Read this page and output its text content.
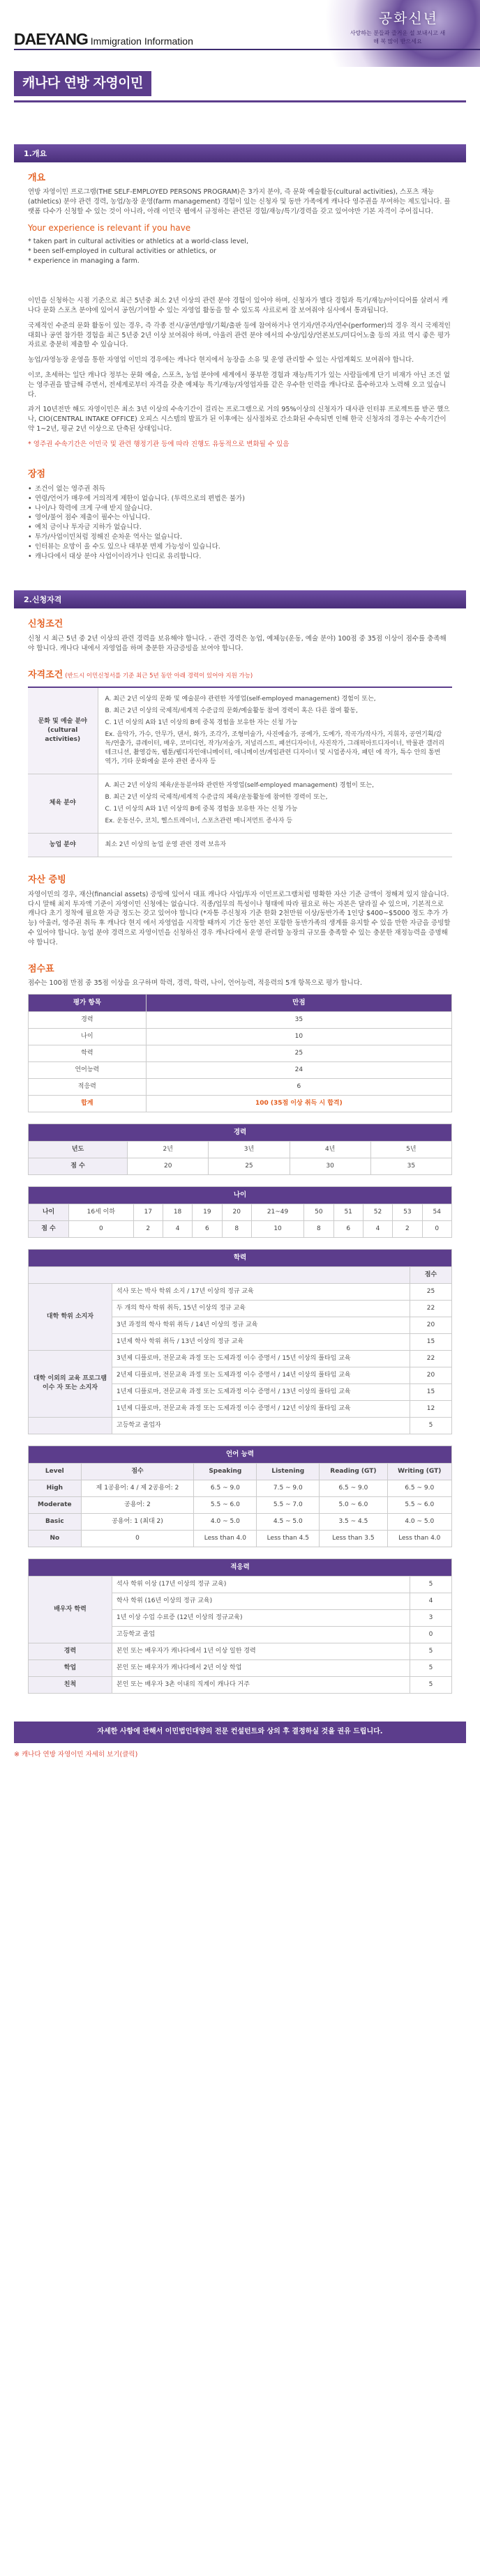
DAEYANG Immigration Information
공화신년
사랑하는 분들과 즐거운 설 보내시고 새해 복 많이 받으세요
캐나다 연방 자영이민
1.개요
개요
연방 자영이민 프로그램(THE SELF-EMPLOYED PERSONS PROGRAM)은 3가지 분야, 즉 문화 예술활동(cultural activities), 스포츠 재능(athletics) 분야 관련 경력, 농업/농장 운영(farm management) 경험이 있는 신청자 및 동반 가족에게 캐나다 영주권을 부여하는 제도입니다. 플랫폼 다수가 신청할 수 있는 것이 아니라, 아래 이민국 웹에서 규정하는 관련된 경험/재능/특기/경력을 갖고 있어야만 기본 자격이 주어집니다.
Your experience is relevant if you have
* taken part in cultural activities or athletics at a world-class level,
* been self-employed in cultural activities or athletics, or
* experience in managing a farm.
이민을 신청하는 시점 기준으로 최근 5년중 최소 2년 이상의 관련 분야 경험이 있어야 하며, 신청자가 별다 경험과 특기/재능/아이디어를 살려서 캐나다 문화 스포츠 분야에 있어서 공헌/기여할 수 있는 자영업 활동을 할 수 있도록 사료로써 잘 보여줘야 심사에서 통과됩니다.
국제적인 수준의 문화 활동이 있는 경우, 즉 각종 전시/공연/방영/기획/출판 등에 참여하거나 연기자/연주자/연수(performer)의 경우 적시 국제적인 대회나 공연 참가한 경험을 최근 5년중 2년 이상 보여줘야 하며, 아울러 관련 분야 에서의 수상/입상/언론보도/미디어노출 등의 자료 역시 좋은 평가 자료로 충분히 제출할 수 있습니다.
농업/자영농장 운영을 통한 자영업 이민의 경우에는 캐나다 현지에서 농장을 소유 및 운영 관리할 수 있는 사업계획도 보여줘야 합니다.
이코, 초세하는 일단 캐나다 정부는 문화 예술, 스포츠, 농업 분야에 세계에서 풍부한 경험과 재능/특기가 있는 사람들에게 단기 비재가 아닌 조건 없는 영주권을 발급해 주면서, 전세계로부터 자격을 갖춘 예체능 특기/재능/자영업자를 같은 우수한 인력을 캐나다로 흡수하고자 노력해 오고 있습니다.
과거 10년전만 해도 자영이민은 최소 3년 이상의 수속기간이 걸리는 프로그램으로 거의 95%이상의 신청자가 대사관 인터뷰 프로젝트를 받곤 했으나, CIO(CENTRAL INTAKE OFFICE) 오피스 시스템의 발표가 된 이후에는 심사절차로 간소화된 수속되면 인해 한국 신청자의 경우는 수속기간이 약 1~2년, 평균 2년 이상으로 단축된 상태입니다.
* 영주권 수속기간은 이민국 및 관련 행정기관 등에 따라 진행도 유동적으로 변화될 수 있음
장점
• 조건이 없는 영주권 취득
• 연령/언어가 매우에 거의적게 제한이 없습니다. (투력으로의 편법은 불가)
• 나이/나 학력에 크게 구애 받지 않습니다.
• 영어/불어 점수 제출이 필수는 아닙니다.
• 예치 금이나 투자금 지하가 없습니다.
• 투가/사업이민처럼 정해진 순차운 역사는 없습니다.
• 인터뷰는 요망이 올 수도 있으나 대부분 면제 가능성이 있습니다.
• 캐나다에서 대상 분야 사업이이라거나 인디로 유리합니다.
2.신청자격
신청조건
신청 시 최근 5년 중 2년 이상의 관련 경력을 보유해야 합니다. - 관련 경력은 농업, 예체능(운동, 예술 분야) 100점 중 35점 이상이 점수를 충족해야 합니다. 캐나다 내에서 자영업을 하며 충분한 자금증빙을 보여야 합니다.
자격조건 (반드시 이민신청서를 기준 최근 5년 동안 아래 경력이 있어야 지원 가능)
문화 및 예술 분야 (cultural activities)	A. 최근 2년 이상의 문화 및 예술분야 관련한 자영업(self-employed management) 경험이 또는,
B. 최근 2년 이상의 국제적/세계적 수준급의 문화/예술활동 참여 경력이 혹은 다른 참여 활동,
C. 1년 이상의 A와 1년 이상의 B에 중복 경험을 보유한 자는 신청 가능
Ex. 음악가, 가수, 안무가, 댄서, 화가, 조각가, 조형미술가, 사진예술가, 공예가, 도예가, 작곡가/작사가, 지휘자, 공연기획/감독/연출가, 큐레이터, 배우, 코미디언, 작가/저술가, 저널리스트, 패션디자이너, 사진작가, 그래픽아트디자이너, 박물관 갤러리 테크니션, 촬영감독, 웹툰/웹디자인애니메이터, 애니메이션/게임관련 디자이너 및 시업종사자, 패턴 에 작가, 특수 안의 통번역가, 기타 문화예술 분야 관련 종사자 등

체육 분야	A. 최근 2년 이상의 체육/운동분야와 관련한 자영업(self-employed management) 경험이 또는,
B. 최근 2년 이상의 국제적/세계적 수준급의 체육/운동활동에 참여한 경력이 또는,
C. 1년 이상의 A와 1년 이상의 B에 중복 경험을 보유한 자는 신청 가능
Ex. 운동선수, 코치, 헬스트레이너, 스포츠관련 매니저먼트 종사자 등

농업 분야	최소 2년 이상의 농업 운영 관련 경력 보유자
자산 증빙
자영이민의 경우, 재산(financial assets) 증빙에 있어서 대표 캐나다 사업/투자 이민프로그램처럼 명확한 자산 기준 금액이 정해져 있지 않습니다. 다시 말해 최저 투자액 기준이 자영이민 신청에는 없습니다. 직종/업무의 특성이나 형태에 따라 필요로 하는 자본은 달라질 수 있으며, 기본적으로 캐나다 초기 정착에 필요한 자금 정도는 갖고 있어야 합니다 (*자통 주신청자 기준 한화 2천만원 이상/동반가족 1인당 $400~$5000 정도 추가 가능) 아울러, 영주권 취득 후 캐나다 현지 에서 자영업을 시작할 때까지 기간 동안 본인 포함한 동반가족의 생계를 유지할 수 있을 만한 자금을 증빙할 수 있어야 합니다. 농업 분야 경력으로 자영이민을 신청하신 경우 캐나다에서 운영 관리할 농장의 규모를 충족할 수 있는 충분한 재정능력을 증명해야 합니다.
점수표
점수는 100점 만점 중 35점 이상을 요구하며 학력, 경력, 학력, 나이, 언어능력, 적응력의 5개 항목으로 평가 합니다.
평가 항목	만점
경력	35
나이	10
학력	25
언어능력	24
적응력	6
합계	100 (35점 이상 취득 시 합격)
경력				
년도	2년	3년	4년	5년
점 수	20	25	30	35
나이											
나이	16세 이하	17	18	19	20	21~49	50	51	52	53	54
점 수	0	2	4	6	8	10	8	6	4	2	0
학력		
		점수
대학 학위 소지자	석사 또는 박사 학위 소지 / 17년 이상의 정규 교육	25
	두 개의 학사 학위 취득, 15년 이상의 정규 교육	22
	3년 과정의 학사 학위 취득 / 14년 이상의 정규 교육	20
	1년제 학사 학위 취득 / 13년 이상의 정규 교육	15
대학 이외의 교육 프로그램 이수 자 또는 소지자	3년제 디플로마, 전문교육 과정 또는 도제과정 이수 증명서 / 15년 이상의 풀타임 교육	22
	2년제 디플로마, 전문교육 과정 또는 도제과정 이수 증명서 / 14년 이상의 풀타임 교육	20
	1년제 디플로마, 전문교육 과정 또는 도제과정 이수 증명서 / 13년 이상의 풀타임 교육	15
	1년제 디플로마, 전문교육 과정 또는 도제과정 이수 증명서 / 12년 이상의 풀타임 교육	12
	고등학교 졸업자	5
언어 능력					
Level	점수	Speaking	Listening	Reading (GT)	Writing (GT)
High	제 1공용어: 4 / 제 2공용어: 2	6.5 ~ 9.0	7.5 ~ 9.0	6.5 ~ 9.0	6.5 ~ 9.0
Moderate	공용어: 2	5.5 ~ 6.0	5.5 ~ 7.0	5.0 ~ 6.0	5.5 ~ 6.0
Basic	공용어: 1 (최대 2)	4.0 ~ 5.0	4.5 ~ 5.0	3.5 ~ 4.5	4.0 ~ 5.0
No	0	Less than 4.0	Less than 4.5	Less than 3.5	Less than 4.0
적응력		
배우자 학력	석사 학위 이상 (17년 이상의 정규 교육)	5
	학사 학위 (16년 이상의 정규 교육)	4
	1년 이상 수업 수료증 (12년 이상의 정규교육)	3
	고등학교 졸업	0
경력	본인 또는 배우자가 캐나다에서 1년 이상 일한 경력	5
학업	본인 또는 배우자가 캐나다에서 2년 이상 학업	5
친척	본인 또는 배우자 3촌 이내의 직계이 캐나다 거주	5
자세한 사항에 관해서 이민법인대양의 전문 컨설턴트와 상의 후 결정하실 것을 권유 드립니다.
※ 캐나다 연방 자영이민 자세히 보기(클릭)
